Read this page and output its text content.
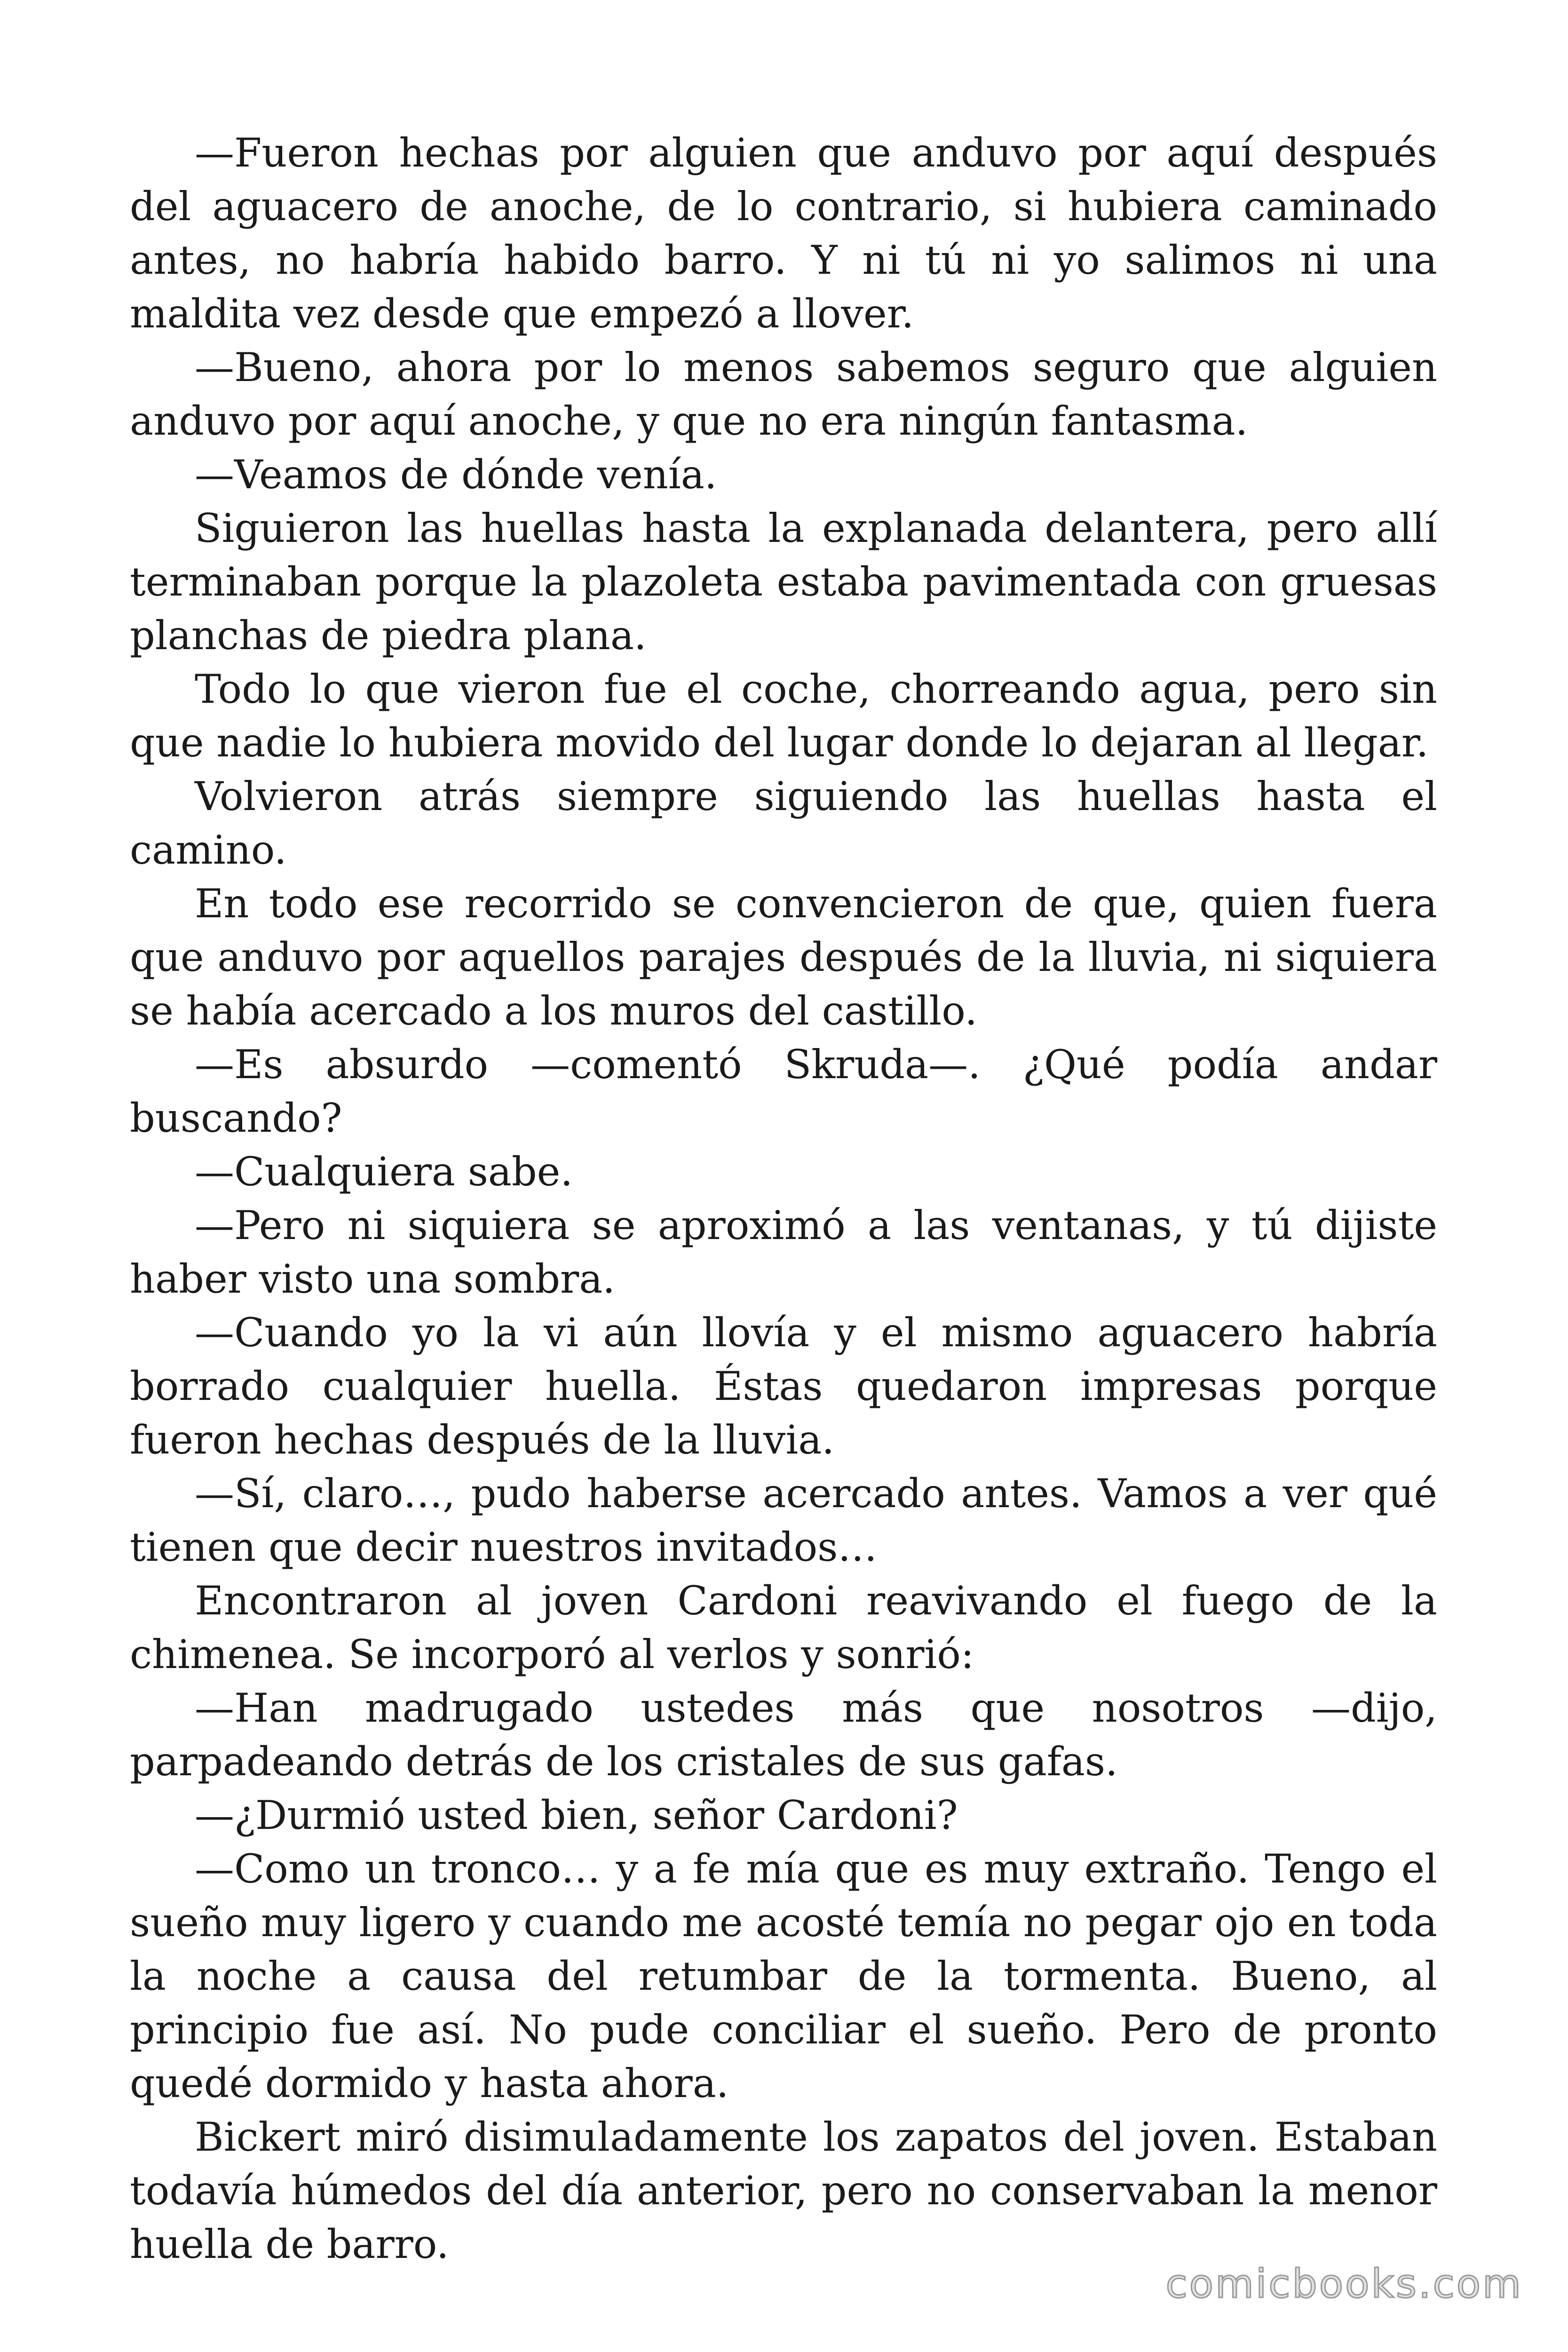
—Fueron hechas por alguien que anduvo por aquí después del aguacero de anoche, de lo contrario, si hubiera caminado antes, no habría habido barro. Y ni tú ni yo salimos ni una maldita vez desde que empezó a llover.

—Bueno, ahora por lo menos sabemos seguro que alguien anduvo por aquí anoche, y que no era ningún fantasma.

—Veamos de dónde venía.

Siguieron las huellas hasta la explanada delantera, pero allí terminaban porque la plazoleta estaba pavimentada con gruesas planchas de piedra plana.

Todo lo que vieron fue el coche, chorreando agua, pero sin que nadie lo hubiera movido del lugar donde lo dejaran al llegar.

Volvieron atrás siempre siguiendo las huellas hasta el camino.

En todo ese recorrido se convencieron de que, quien fuera que anduvo por aquellos parajes después de la lluvia, ni siquiera se había acercado a los muros del castillo.

—Es absurdo —comentó Skruda—. ¿Qué podía andar buscando?

—Cualquiera sabe.

—Pero ni siquiera se aproximó a las ventanas, y tú dijiste haber visto una sombra.

—Cuando yo la vi aún llovía y el mismo aguacero habría borrado cualquier huella. Éstas quedaron impresas porque fueron hechas después de la lluvia.

—Sí, claro…, pudo haberse acercado antes. Vamos a ver qué tienen que decir nuestros invitados…

Encontraron al joven Cardoni reavivando el fuego de la chimenea. Se incorporó al verlos y sonrió:

—Han madrugado ustedes más que nosotros —dijo, parpadeando detrás de los cristales de sus gafas.

—¿Durmió usted bien, señor Cardoni?

—Como un tronco… y a fe mía que es muy extraño. Tengo el sueño muy ligero y cuando me acosté temía no pegar ojo en toda la noche a causa del retumbar de la tormenta. Bueno, al principio fue así. No pude conciliar el sueño. Pero de pronto quedé dormido y hasta ahora.

Bickert miró disimuladamente los zapatos del joven. Estaban todavía húmedos del día anterior, pero no conservaban la menor huella de barro.

comicbooks.com
